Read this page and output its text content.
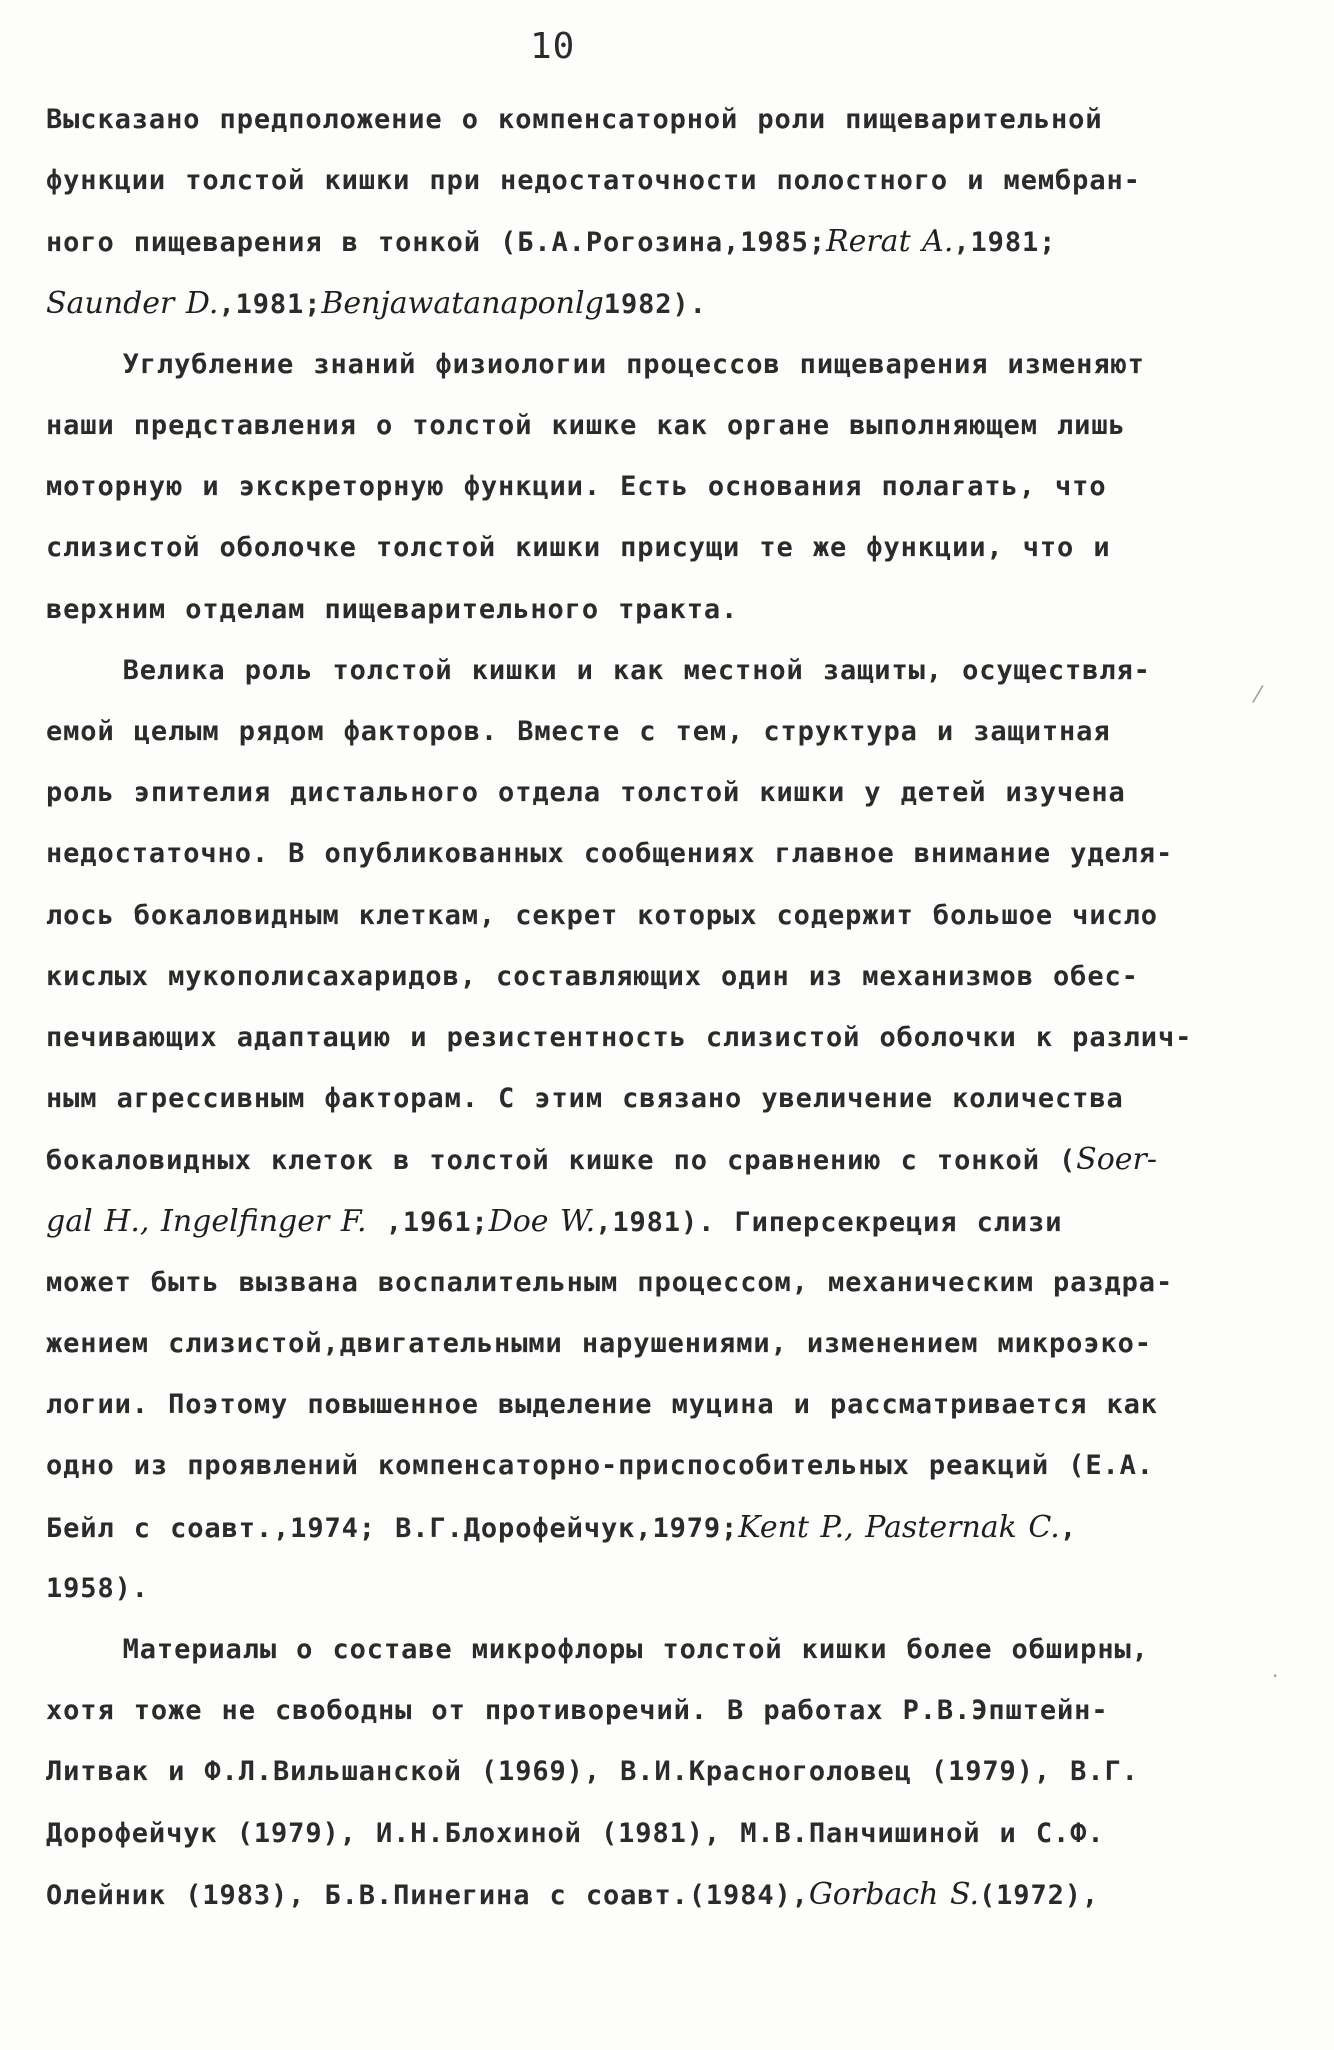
10
Высказано предположение о компенсаторной роли пищеварительной
функции толстой кишки при недостаточности полостного и мембран-
ного пищеварения в тонкой (Б.А.Рогозина,1985;Rerat A.,1981;
Saunder D.,1981;Benjawatanaponlg1982).
Углубление знаний физиологии процессов пищеварения изменяют
наши представления о толстой кишке как органе выполняющем лишь
моторную и экскреторную функции. Есть основания полагать, что
слизистой оболочке толстой кишки присущи те же функции, что и
верхним отделам пищеварительного тракта.
Велика роль толстой кишки и как местной защиты, осуществля-
емой целым рядом факторов. Вместе с тем, структура и защитная
роль эпителия дистального отдела толстой кишки у детей изучена
недостаточно. В опубликованных сообщениях главное внимание уделя-
лось бокаловидным клеткам, секрет которых содержит большое число
кислых мукополисахаридов, составляющих один из механизмов обес-
печивающих адаптацию и резистентность слизистой оболочки к различ-
ным агрессивным факторам. С этим связано увеличение количества
бокаловидных клеток в толстой кишке по сравнению с тонкой (Soer-
gal H., Ingelfinger F. ,1961;Doe W.,1981). Гиперсекреция слизи
может быть вызвана воспалительным процессом, механическим раздра-
жением слизистой,двигательными нарушениями, изменением микроэко-
логии. Поэтому повышенное выделение муцина и рассматривается как
одно из проявлений компенсаторно-приспособительных реакций (Е.А.
Бейл с соавт.,1974; В.Г.Дорофейчук,1979;Kent P., Pasternak C.,
1958).
Материалы о составе микрофлоры толстой кишки более обширны,
хотя тоже не свободны от противоречий. В работах Р.В.Эпштейн-
Литвак и Ф.Л.Вильшанской (1969), В.И.Красноголовец (1979), В.Г.
Дорофейчук (1979), И.Н.Блохиной (1981), М.В.Панчишиной и С.Ф.
Олейник (1983), Б.В.Пинегина с соавт.(1984),Gorbach S.(1972),
⁄
·
